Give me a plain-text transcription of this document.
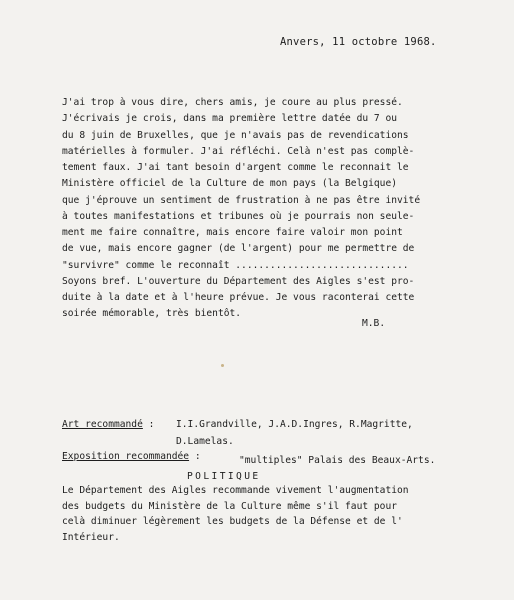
Anvers, 11 octobre 1968.
J'ai trop à vous dire, chers amis, je coure au plus pressé.
J'écrivais je crois, dans ma première lettre datée du 7 ou
du 8 juin de Bruxelles, que je n'avais pas de revendications
matérielles à formuler. J'ai réfléchi. Celà n'est pas complè-
tement faux. J'ai tant besoin d'argent comme le reconnait le
Ministère officiel de la Culture de mon pays (la Belgique)
que j'éprouve un sentiment de frustration à ne pas être invité
à toutes manifestations et tribunes où je pourrais non seule-
ment me faire connaître, mais encore faire valoir mon point
de vue, mais encore gagner (de l'argent) pour me permettre de
"survivre" comme le reconnaît ..............................
Soyons bref. L'ouverture du Département des Aigles s'est pro-
duite à la date et à l'heure prévue. Je vous raconterai cette
soirée mémorable, très bientôt.
M.B.
Art recommandé : I.I.Grandville, J.A.D.Ingres, R.Magritte,
D.Lamelas.
Exposition recommandée :	"multiples" Palais des Beaux-Arts.
POLITIQUE
Le Département des Aigles recommande vivement l'augmentation
des budgets du Ministère de la Culture même s'il faut pour
celà diminuer légèrement les budgets de la Défense et de l'
Intérieur.
